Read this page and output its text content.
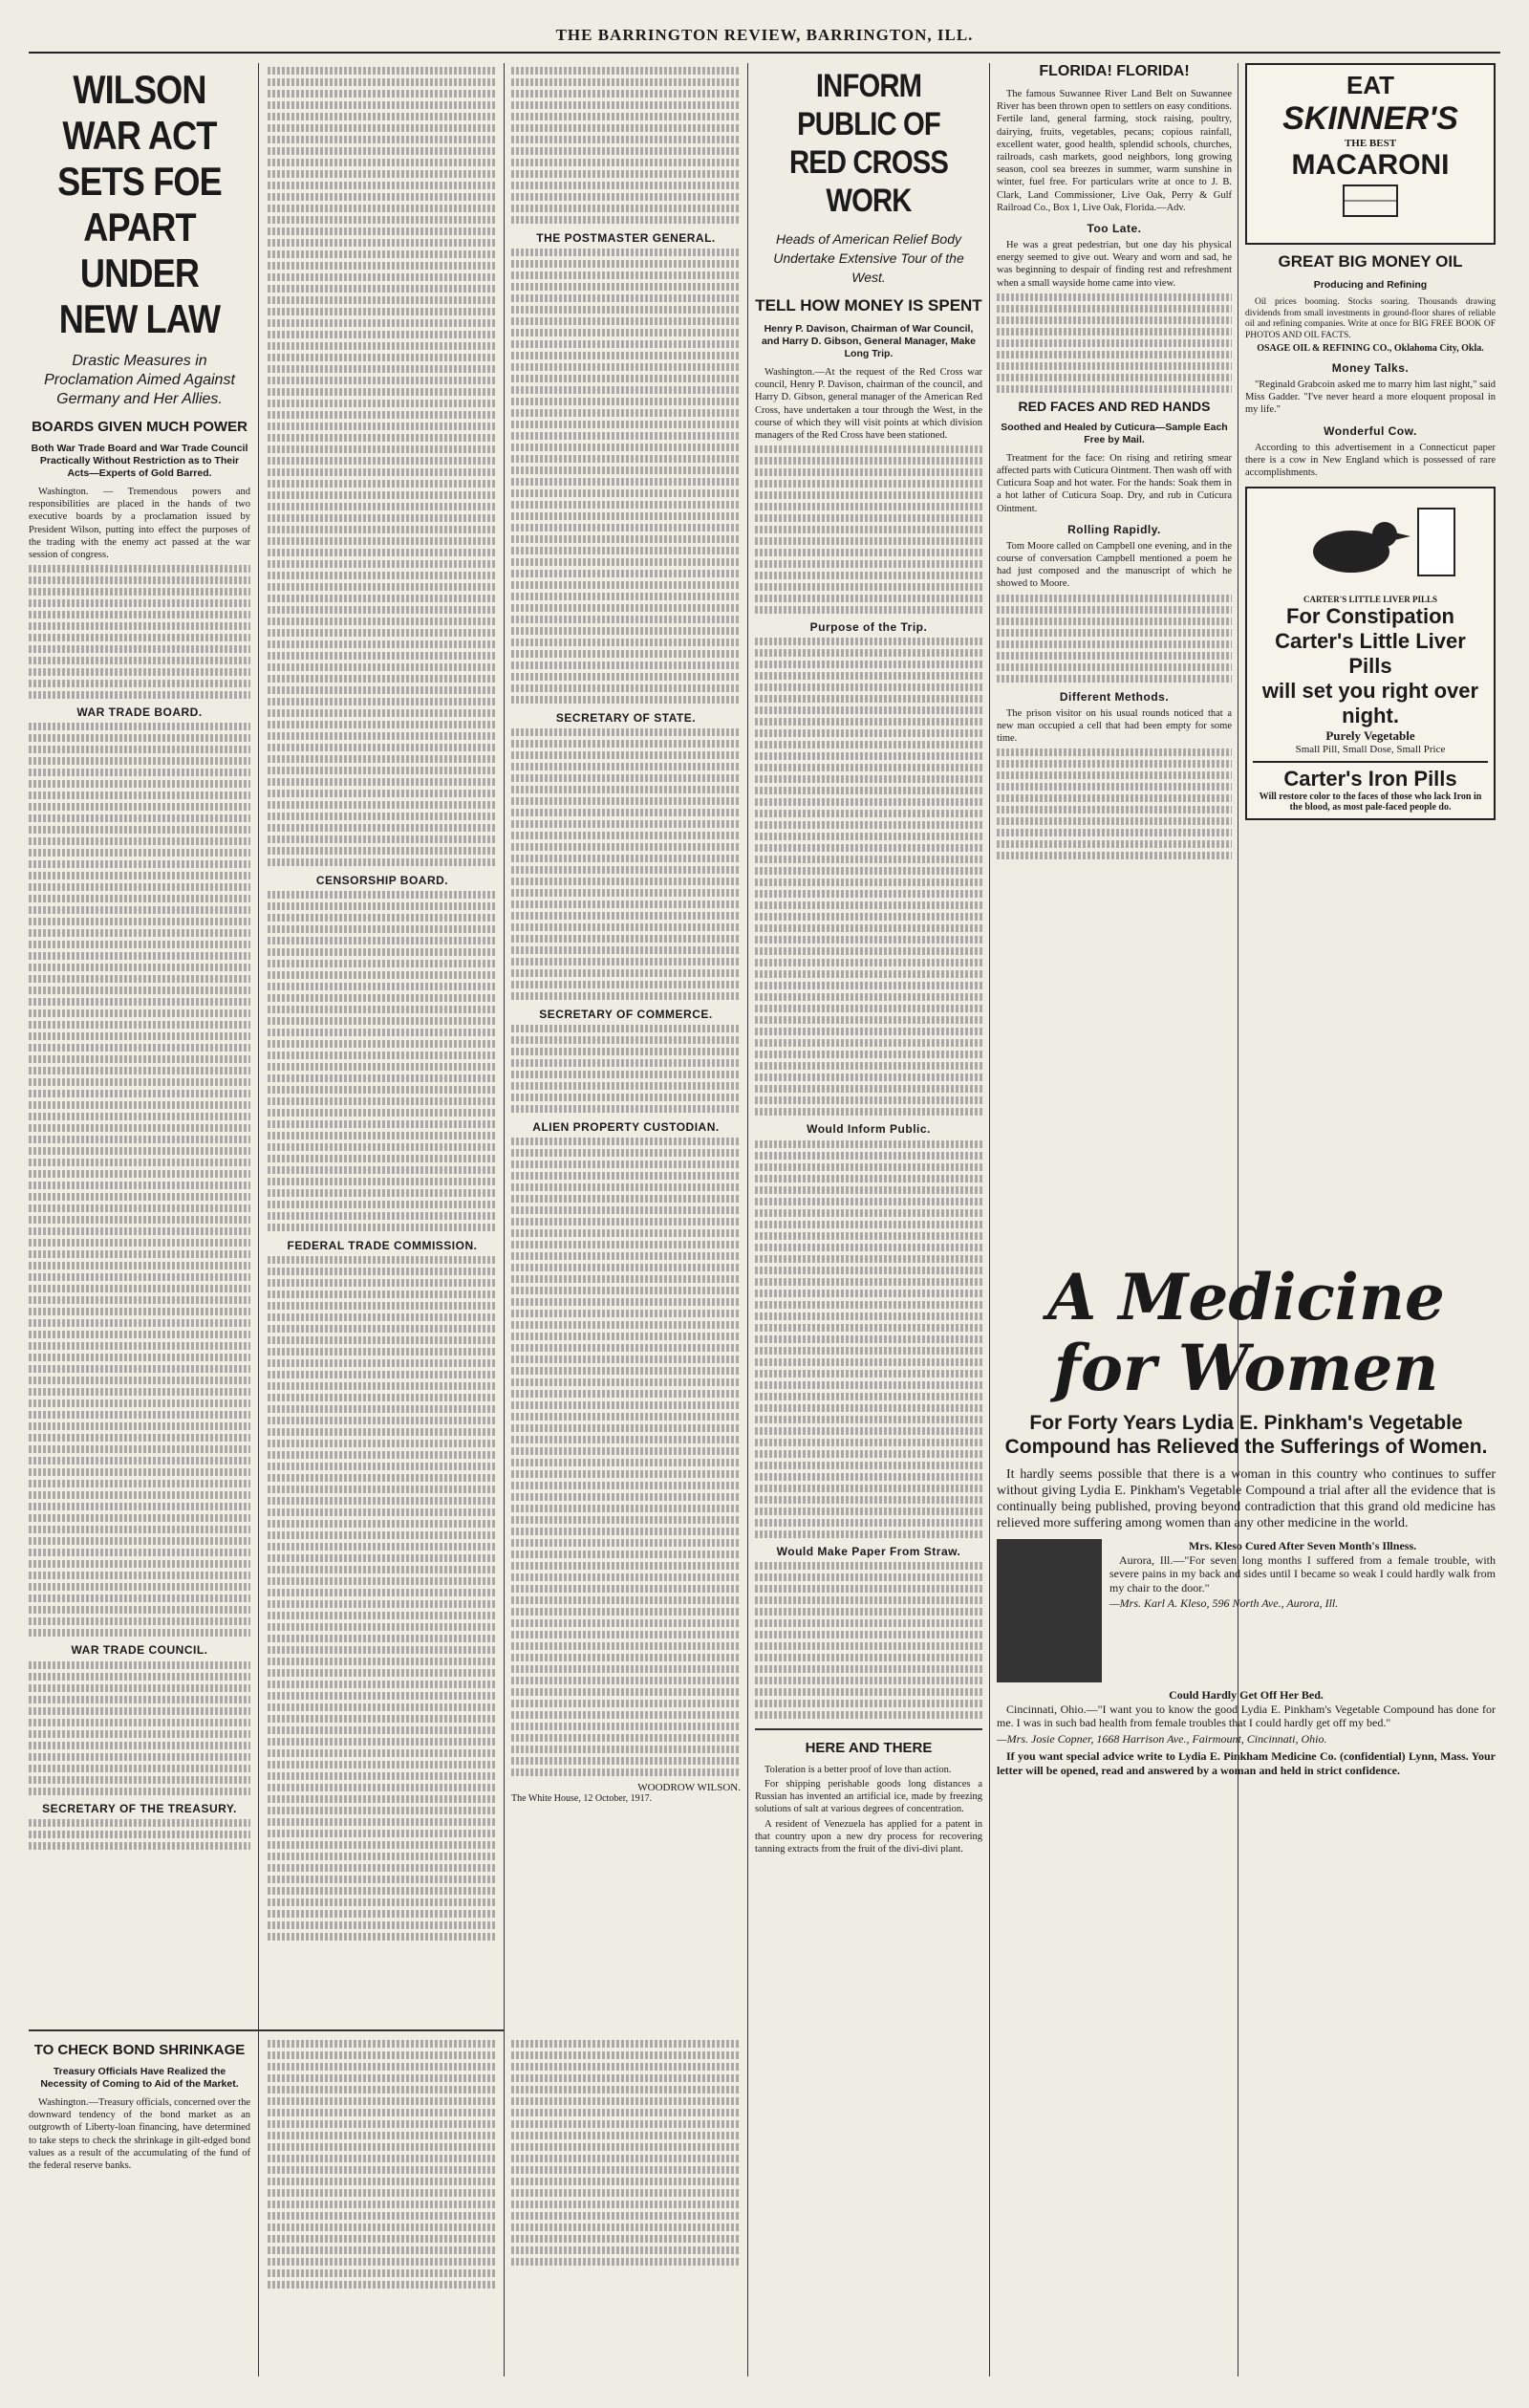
THE BARRINGTON REVIEW, BARRINGTON, ILL.
WILSON WAR ACT SETS FOE APART UNDER NEW LAW
Drastic Measures in Proclamation Aimed Against Germany and Her Allies.
BOARDS GIVEN MUCH POWER
Both War Trade Board and War Trade Council Practically Without Restriction as to Their Acts—Experts of Gold Barred.

Washington. — Tremendous powers and responsibilities are placed in the hands of two executive boards by a proclamation issued by President Wilson, putting into effect the purposes of the trading with the enemy act passed at the war session of congress.

WAR TRADE BOARD.
WAR TRADE COUNCIL.
SECRETARY OF THE TREASURY.
TO CHECK BOND SHRINKAGE
Treasury Officials Have Realized the Necessity of Coming to Aid of the Market.

Washington.—Treasury officials, concerned over the downward tendency of the bond market as an outgrowth of Liberty-loan financing, have determined to take steps to check the shrinkage in gilt-edged bond values as a result of the accumulating of the fund of the federal reserve banks.

CENSORSHIP BOARD.
FEDERAL TRADE COMMISSION.
THE POSTMASTER GENERAL.
SECRETARY OF STATE.
SECRETARY OF COMMERCE.
ALIEN PROPERTY CUSTODIAN.
WOODROW WILSON.
The White House, 12 October, 1917.
INFORM PUBLIC OF RED CROSS WORK
Heads of American Relief Body Undertake Extensive Tour of the West.
TELL HOW MONEY IS SPENT
Henry P. Davison, Chairman of War Council, and Harry D. Gibson, General Manager, Make Long Trip.

Washington.—At the request of the Red Cross war council, Henry P. Davison, chairman of the council, and Harry D. Gibson, general manager of the American Red Cross, have undertaken a tour through the West, in the course of which they will visit points at which division managers of the Red Cross have been stationed.

Purpose of the Trip.
Would Inform Public.
Would Make Paper From Straw.
HERE AND THERE

Toleration is a better proof of love than action.

For shipping perishable goods long distances a Russian has invented an artificial ice, made by freezing solutions of salt at various degrees of concentration.

A resident of Venezuela has applied for a patent in that country upon a new dry process for recovering tanning extracts from the fruit of the divi-divi plant.

FLORIDA! FLORIDA!

The famous Suwannee River Land Belt on Suwannee River has been thrown open to settlers on easy conditions. Fertile land, general farming, stock raising, poultry, dairying, fruits, vegetables, pecans; copious rainfall, excellent water, good health, splendid schools, churches, railroads, cash markets, good neighbors, long growing season, cool sea breezes in summer, warm sunshine in winter, fuel free. For particulars write at once to J. B. Clark, Land Commissioner, Live Oak, Perry & Gulf Railroad Co., Box 1, Live Oak, Florida.—Adv.

Too Late.

He was a great pedestrian, but one day his physical energy seemed to give out. Weary and worn and sad, he was beginning to despair of finding rest and refreshment when a small wayside home came into view.

RED FACES AND RED HANDS
Soothed and Healed by Cuticura—Sample Each Free by Mail.

Treatment for the face: On rising and retiring smear affected parts with Cuticura Ointment. Then wash off with Cuticura Soap and hot water. For the hands: Soak them in a hot lather of Cuticura Soap. Dry, and rub in Cuticura Ointment.

Rolling Rapidly.

Tom Moore called on Campbell one evening, and in the course of conversation Campbell mentioned a poem he had just composed and the manuscript of which he showed to Moore.

Different Methods.

The prison visitor on his usual rounds noticed that a new man occupied a cell that had been empty for some time.

EAT
SKINNER'S
THE BEST
MACARONI
GREAT BIG MONEY OIL
Producing and Refining

Oil prices booming. Stocks soaring. Thousands drawing dividends from small investments in ground-floor shares of reliable oil and refining companies. Write at once for BIG FREE BOOK OF PHOTOS AND OIL FACTS.

OSAGE OIL & REFINING CO., Oklahoma City, Okla.
Money Talks.

"Reginald Grabcoin asked me to marry him last night," said Miss Gadder. "I've never heard a more eloquent proposal in my life."

Wonderful Cow.

According to this advertisement in a Connecticut paper there is a cow in New England which is possessed of rare accomplishments.

CARTER'S LITTLE LIVER PILLS
For Constipation
Carter's Little Liver Pills
will set you right over night.
Purely Vegetable
Small Pill, Small Dose, Small Price
Carter's Iron Pills
Will restore color to the faces of those who lack Iron in the blood, as most pale-faced people do.
A Medicine
for Women
For Forty Years Lydia E. Pinkham's Vegetable Compound has Relieved the Sufferings of Women.

It hardly seems possible that there is a woman in this country who continues to suffer without giving Lydia E. Pinkham's Vegetable Compound a trial after all the evidence that is continually being published, proving beyond contradiction that this grand old medicine has relieved more suffering among women than any other medicine in the world.

Mrs. Kleso Cured After Seven Month's Illness.

Aurora, Ill.—"For seven long months I suffered from a female trouble, with severe pains in my back and sides until I became so weak I could hardly walk from my chair to the door."

—Mrs. Karl A. Kleso, 596 North Ave., Aurora, Ill.
Could Hardly Get Off Her Bed.

Cincinnati, Ohio.—"I want you to know the good Lydia E. Pinkham's Vegetable Compound has done for me. I was in such bad health from female troubles that I could hardly get off my bed."

—Mrs. Josie Copner, 1668 Harrison Ave., Fairmount, Cincinnati, Ohio.

If you want special advice write to Lydia E. Pinkham Medicine Co. (confidential) Lynn, Mass. Your letter will be opened, read and answered by a woman and held in strict confidence.
